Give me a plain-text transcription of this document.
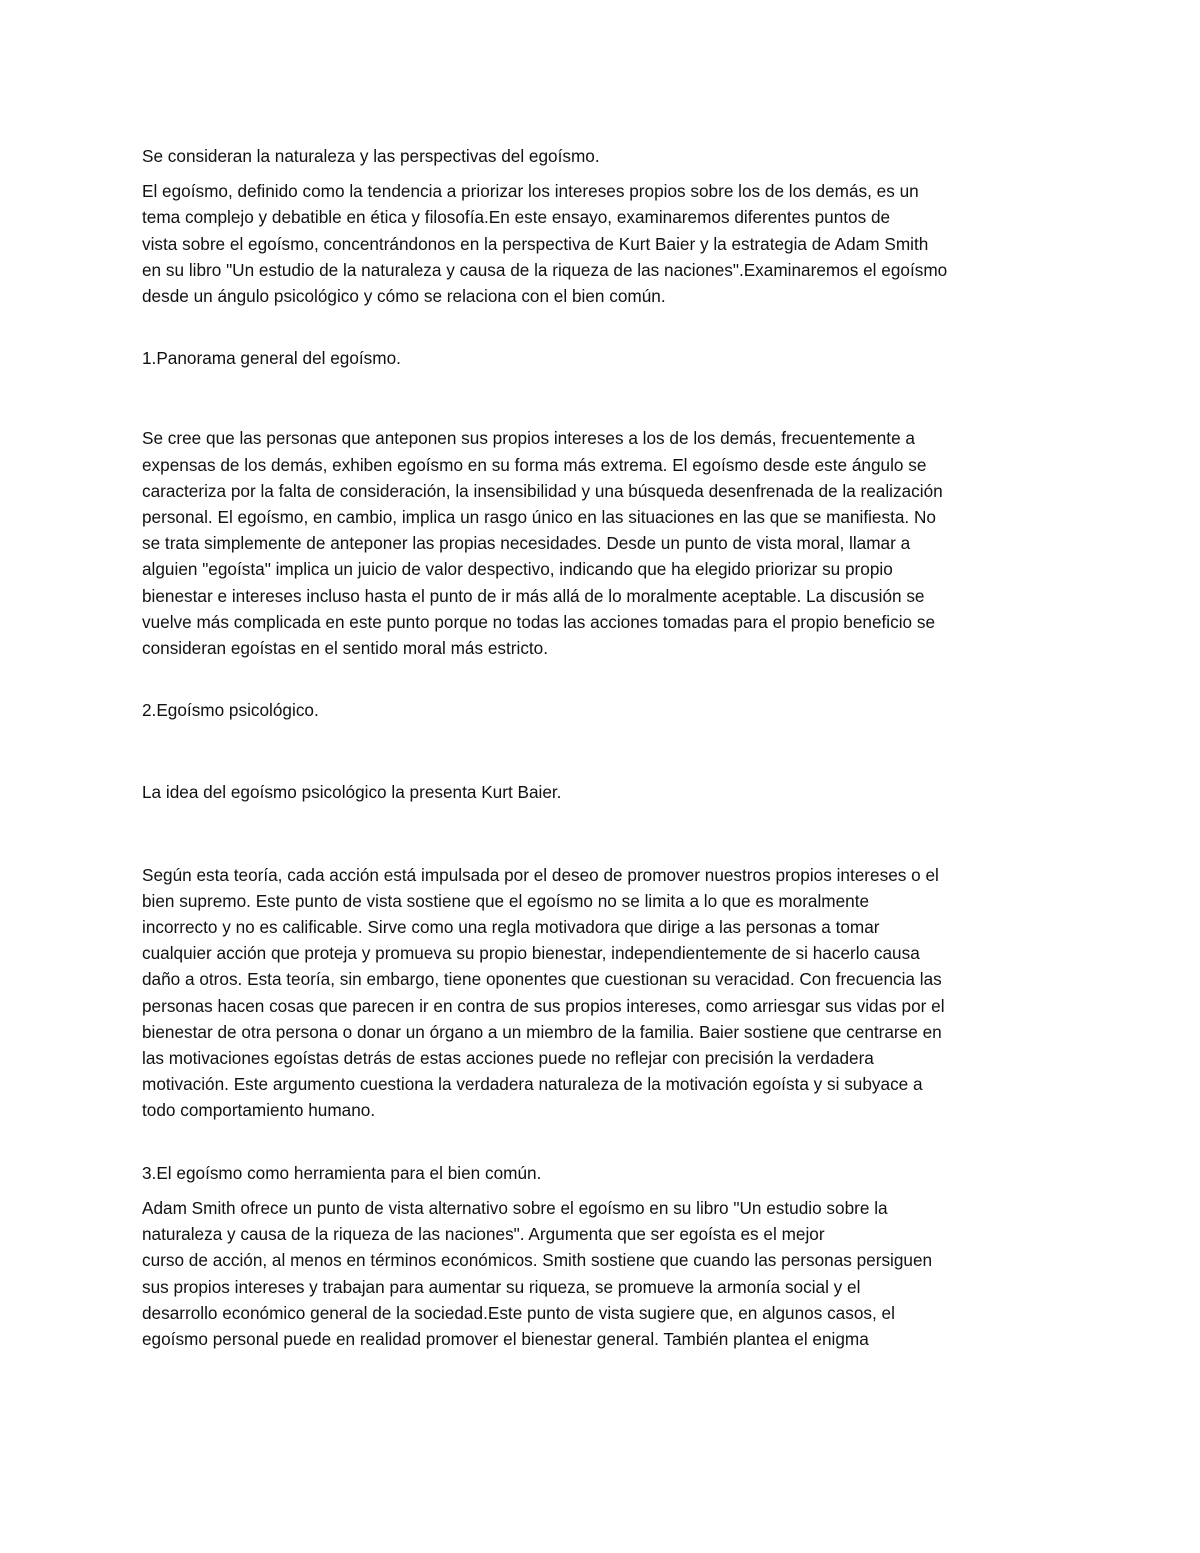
Se consideran la naturaleza y las perspectivas del egoísmo.

El egoísmo, definido como la tendencia a priorizar los intereses propios sobre los de los demás, es un
tema complejo y debatible en ética y filosofía.En este ensayo, examinaremos diferentes puntos de
vista sobre el egoísmo, concentrándonos en la perspectiva de Kurt Baier y la estrategia de Adam Smith
en su libro "Un estudio de la naturaleza y causa de la riqueza de las naciones".Examinaremos el egoísmo
desde un ángulo psicológico y cómo se relaciona con el bien común.

1.Panorama general del egoísmo.

Se cree que las personas que anteponen sus propios intereses a los de los demás, frecuentemente a
expensas de los demás, exhiben egoísmo en su forma más extrema. El egoísmo desde este ángulo se
caracteriza por la falta de consideración, la insensibilidad y una búsqueda desenfrenada de la realización
personal. El egoísmo, en cambio, implica un rasgo único en las situaciones en las que se manifiesta. No
se trata simplemente de anteponer las propias necesidades. Desde un punto de vista moral, llamar a
alguien "egoísta" implica un juicio de valor despectivo, indicando que ha elegido priorizar su propio
bienestar e intereses incluso hasta el punto de ir más allá de lo moralmente aceptable. La discusión se
vuelve más complicada en este punto porque no todas las acciones tomadas para el propio beneficio se
consideran egoístas en el sentido moral más estricto.

2.Egoísmo psicológico.

La idea del egoísmo psicológico la presenta Kurt Baier.

Según esta teoría, cada acción está impulsada por el deseo de promover nuestros propios intereses o el
bien supremo. Este punto de vista sostiene que el egoísmo no se limita a lo que es moralmente
incorrecto y no es calificable. Sirve como una regla motivadora que dirige a las personas a tomar
cualquier acción que proteja y promueva su propio bienestar, independientemente de si hacerlo causa
daño a otros. Esta teoría, sin embargo, tiene oponentes que cuestionan su veracidad. Con frecuencia las
personas hacen cosas que parecen ir en contra de sus propios intereses, como arriesgar sus vidas por el
bienestar de otra persona o donar un órgano a un miembro de la familia. Baier sostiene que centrarse en
las motivaciones egoístas detrás de estas acciones puede no reflejar con precisión la verdadera
motivación. Este argumento cuestiona la verdadera naturaleza de la motivación egoísta y si subyace a
todo comportamiento humano.

3.El egoísmo como herramienta para el bien común.

Adam Smith ofrece un punto de vista alternativo sobre el egoísmo en su libro "Un estudio sobre la
naturaleza y causa de la riqueza de las naciones". Argumenta que ser egoísta es el mejor
curso de acción, al menos en términos económicos. Smith sostiene que cuando las personas persiguen
sus propios intereses y trabajan para aumentar su riqueza, se promueve la armonía social y el
desarrollo económico general de la sociedad.Este punto de vista sugiere que, en algunos casos, el
egoísmo personal puede en realidad promover el bienestar general. También plantea el enigma
